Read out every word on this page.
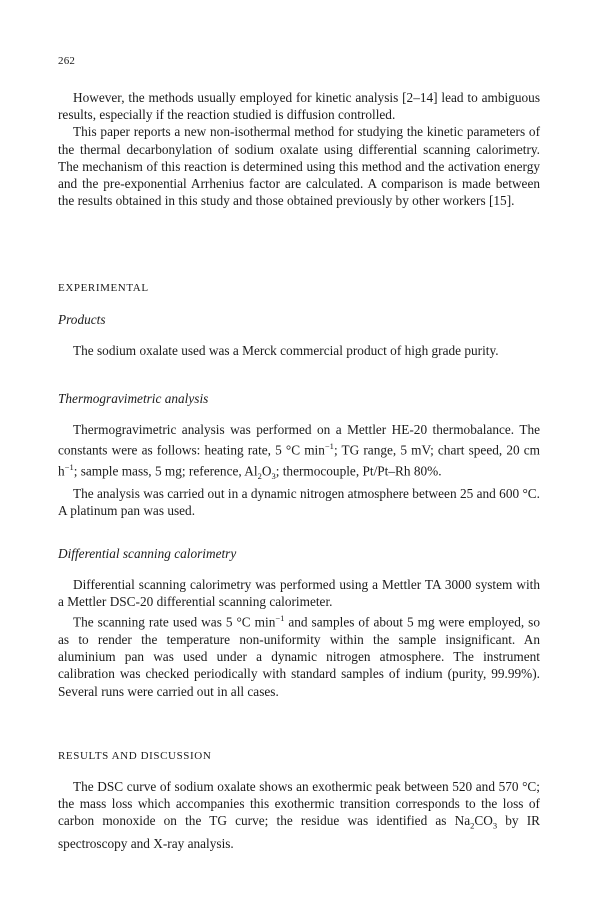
262

However, the methods usually employed for kinetic analysis [2–14] lead to ambiguous results, especially if the reaction studied is diffusion controlled.

This paper reports a new non-isothermal method for studying the kinetic parameters of the thermal decarbonylation of sodium oxalate using differential scanning calorimetry. The mechanism of this reaction is determined using this method and the activation energy and the pre-exponential Arrhenius factor are calculated. A comparison is made between the results obtained in this study and those obtained previously by other workers [15].

EXPERIMENTAL
Products

The sodium oxalate used was a Merck commercial product of high grade purity.

Thermogravimetric analysis

Thermogravimetric analysis was performed on a Mettler HE-20 thermobalance. The constants were as follows: heating rate, 5 °C $\min^{-1}$; TG range, 5 mV; chart speed, 20 cm $h^{-1}$; sample mass, 5 mg; reference, $Al_2O_3$; thermocouple, Pt/Pt–Rh 80%.

The analysis was carried out in a dynamic nitrogen atmosphere between 25 and 600 °C. A platinum pan was used.

Differential scanning calorimetry

Differential scanning calorimetry was performed using a Mettler TA 3000 system with a Mettler DSC-20 differential scanning calorimeter.

The scanning rate used was 5 °C $\min^{-1}$ and samples of about 5 mg were employed, so as to render the temperature non-uniformity within the sample insignificant. An aluminium pan was used under a dynamic nitrogen atmosphere. The instrument calibration was checked periodically with standard samples of indium (purity, 99.99%). Several runs were carried out in all cases.

RESULTS AND DISCUSSION

The DSC curve of sodium oxalate shows an exothermic peak between 520 and 570 °C; the mass loss which accompanies this exothermic transition corresponds to the loss of carbon monoxide on the TG curve; the residue was identified as $Na_2CO_3$ by IR spectroscopy and X-ray analysis.
